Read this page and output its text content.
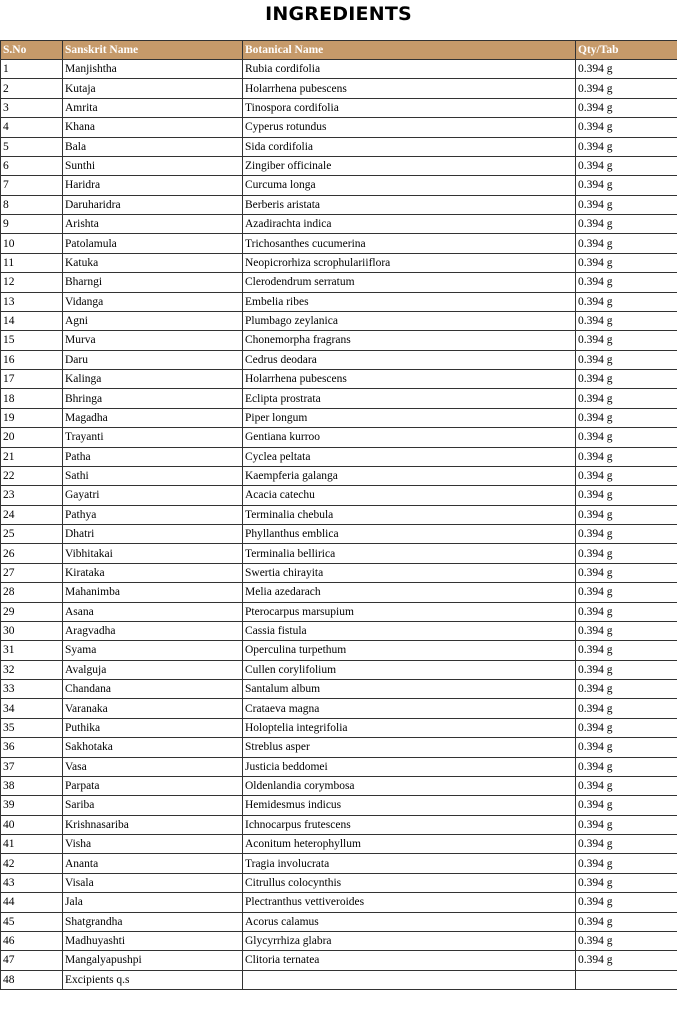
INGREDIENTS
S.No	Sanskrit Name	Botanical Name	Qty/Tab
1	Manjishtha	Rubia cordifolia	0.394 g
2	Kutaja	Holarrhena pubescens	0.394 g
3	Amrita	Tinospora cordifolia	0.394 g
4	Khana	Cyperus rotundus	0.394 g
5	Bala	Sida cordifolia	0.394 g
6	Sunthi	Zingiber officinale	0.394 g
7	Haridra	Curcuma longa	0.394 g
8	Daruharidra	Berberis aristata	0.394 g
9	Arishta	Azadirachta indica	0.394 g
10	Patolamula	Trichosanthes cucumerina	0.394 g
11	Katuka	Neopicrorhiza scrophulariiflora	0.394 g
12	Bharngi	Clerodendrum serratum	0.394 g
13	Vidanga	Embelia ribes	0.394 g
14	Agni	Plumbago zeylanica	0.394 g
15	Murva	Chonemorpha fragrans	0.394 g
16	Daru	Cedrus deodara	0.394 g
17	Kalinga	Holarrhena pubescens	0.394 g
18	Bhringa	Eclipta prostrata	0.394 g
19	Magadha	Piper longum	0.394 g
20	Trayanti	Gentiana kurroo	0.394 g
21	Patha	Cyclea peltata	0.394 g
22	Sathi	Kaempferia galanga	0.394 g
23	Gayatri	Acacia catechu	0.394 g
24	Pathya	Terminalia chebula	0.394 g
25	Dhatri	Phyllanthus emblica	0.394 g
26	Vibhitakai	Terminalia bellirica	0.394 g
27	Kirataka	Swertia chirayita	0.394 g
28	Mahanimba	Melia azedarach	0.394 g
29	Asana	Pterocarpus marsupium	0.394 g
30	Aragvadha	Cassia fistula	0.394 g
31	Syama	Operculina turpethum	0.394 g
32	Avalguja	Cullen corylifolium	0.394 g
33	Chandana	Santalum album	0.394 g
34	Varanaka	Crataeva magna	0.394 g
35	Puthika	Holoptelia integrifolia	0.394 g
36	Sakhotaka	Streblus asper	0.394 g
37	Vasa	Justicia beddomei	0.394 g
38	Parpata	Oldenlandia corymbosa	0.394 g
39	Sariba	Hemidesmus indicus	0.394 g
40	Krishnasariba	Ichnocarpus frutescens	0.394 g
41	Visha	Aconitum heterophyllum	0.394 g
42	Ananta	Tragia involucrata	0.394 g
43	Visala	Citrullus colocynthis	0.394 g
44	Jala	Plectranthus vettiveroides	0.394 g
45	Shatgrandha	Acorus calamus	0.394 g
46	Madhuyashti	Glycyrrhiza glabra	0.394 g
47	Mangalyapushpi	Clitoria ternatea	0.394 g
48	Excipients q.s		
